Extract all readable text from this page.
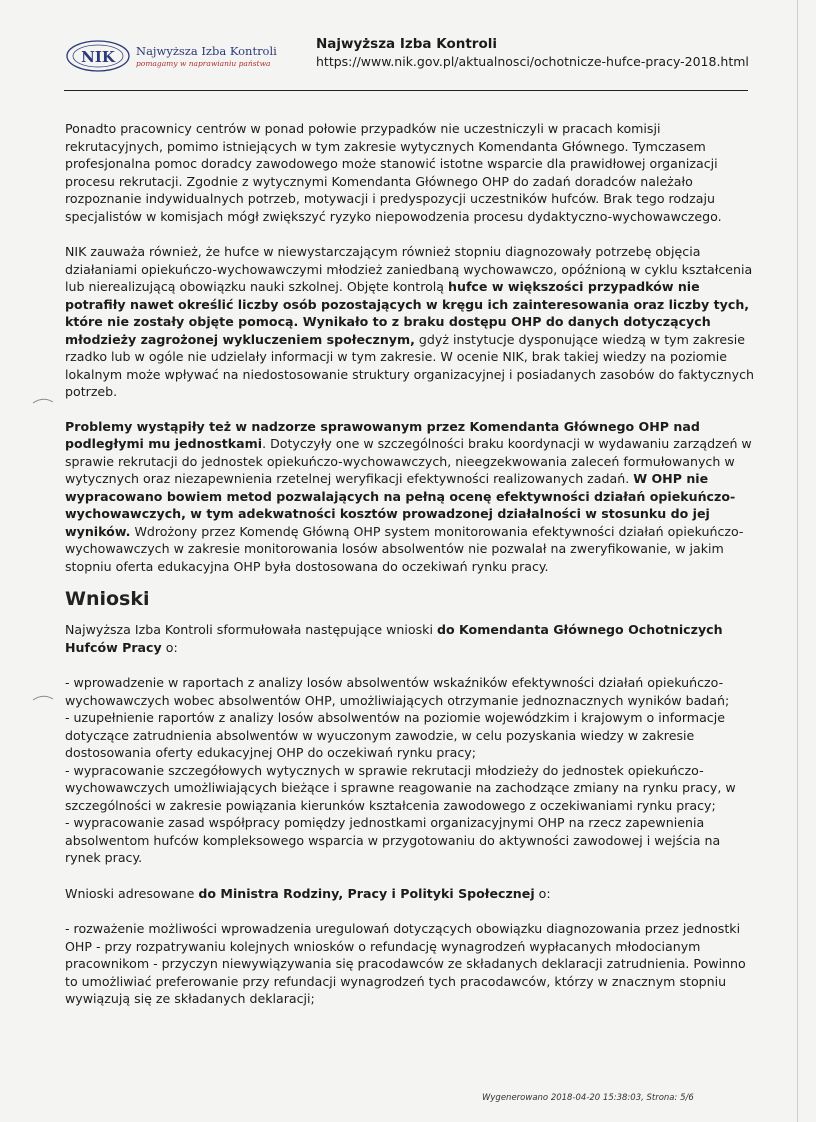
NIK Najwyższa Izba Kontroli
pomagamy w naprawianiu państwa
Najwyższa Izba Kontroli
https://www.nik.gov.pl/aktualnosci/ochotnicze-hufce-pracy-2018.html

Ponadto pracownicy centrów w ponad połowie przypadków nie uczestniczyli w pracach komisji rekrutacyjnych, pomimo istniejących w tym zakresie wytycznych Komendanta Głównego. Tymczasem profesjonalna pomoc doradcy zawodowego może stanowić istotne wsparcie dla prawidłowej organizacji procesu rekrutacji. Zgodnie z wytycznymi Komendanta Głównego OHP do zadań doradców należało rozpoznanie indywidualnych potrzeb, motywacji i predyspozycji uczestników hufców. Brak tego rodzaju specjalistów w komisjach mógł zwiększyć ryzyko niepowodzenia procesu dydaktyczno-wychowawczego.

NIK zauważa również, że hufce w niewystarczającym również stopniu diagnozowały potrzebę objęcia działaniami opiekuńczo-wychowawczymi młodzież zaniedbaną wychowawczo, opóźnioną w cyklu kształcenia lub nierealizującą obowiązku nauki szkolnej. Objęte kontrolą hufce w większości przypadków nie potrafiły nawet określić liczby osób pozostających w kręgu ich zainteresowania oraz liczby tych, które nie zostały objęte pomocą. Wynikało to z braku dostępu OHP do danych dotyczących młodzieży zagrożonej wykluczeniem społecznym, gdyż instytucje dysponujące wiedzą w tym zakresie rzadko lub w ogóle nie udzielały informacji w tym zakresie. W ocenie NIK, brak takiej wiedzy na poziomie lokalnym może wpływać na niedostosowanie struktury organizacyjnej i posiadanych zasobów do faktycznych potrzeb.

Problemy wystąpiły też w nadzorze sprawowanym przez Komendanta Głównego OHP nad podległymi mu jednostkami. Dotyczyły one w szczególności braku koordynacji w wydawaniu zarządzeń w sprawie rekrutacji do jednostek opiekuńczo-wychowawczych, nieegzekwowania zaleceń formułowanych w wytycznych oraz niezapewnienia rzetelnej weryfikacji efektywności realizowanych zadań. W OHP nie wypracowano bowiem metod pozwalających na pełną ocenę efektywności działań opiekuńczo-wychowawczych, w tym adekwatności kosztów prowadzonej działalności w stosunku do jej wyników. Wdrożony przez Komendę Główną OHP system monitorowania efektywności działań opiekuńczo-wychowawczych w zakresie monitorowania losów absolwentów nie pozwalał na zweryfikowanie, w jakim stopniu oferta edukacyjna OHP była dostosowana do oczekiwań rynku pracy.

Wnioski

Najwyższa Izba Kontroli sformułowała następujące wnioski do Komendanta Głównego Ochotniczych Hufców Pracy o:

- wprowadzenie w raportach z analizy losów absolwentów wskaźników efektywności działań opiekuńczo-wychowawczych wobec absolwentów OHP, umożliwiających otrzymanie jednoznacznych wyników badań;

- uzupełnienie raportów z analizy losów absolwentów na poziomie wojewódzkim i krajowym o informacje dotyczące zatrudnienia absolwentów w wyuczonym zawodzie, w celu pozyskania wiedzy w zakresie dostosowania oferty edukacyjnej OHP do oczekiwań rynku pracy;

- wypracowanie szczegółowych wytycznych w sprawie rekrutacji młodzieży do jednostek opiekuńczo-wychowawczych umożliwiających bieżące i sprawne reagowanie na zachodzące zmiany na rynku pracy, w szczególności w zakresie powiązania kierunków kształcenia zawodowego z oczekiwaniami rynku pracy;

- wypracowanie zasad współpracy pomiędzy jednostkami organizacyjnymi OHP na rzecz zapewnienia absolwentom hufców kompleksowego wsparcia w przygotowaniu do aktywności zawodowej i wejścia na rynek pracy.

Wnioski adresowane do Ministra Rodziny, Pracy i Polityki Społecznej o:

- rozważenie możliwości wprowadzenia uregulowań dotyczących obowiązku diagnozowania przez jednostki OHP - przy rozpatrywaniu kolejnych wniosków o refundację wynagrodzeń wypłacanych młodocianym pracownikom - przyczyn niewywiązywania się pracodawców ze składanych deklaracji zatrudnienia. Powinno to umożliwiać preferowanie przy refundacji wynagrodzeń tych pracodawców, którzy w znacznym stopniu wywiązują się ze składanych deklaracji;

Wygenerowano 2018-04-20 15:38:03, Strona: 5/6
